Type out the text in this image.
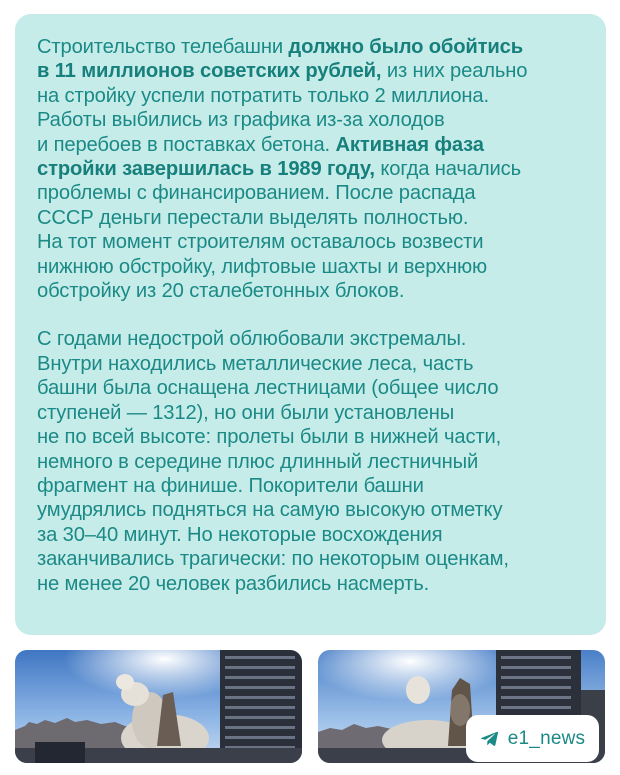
Строительство телебашни должно было обойтись
в 11 миллионов советских рублей, из них реально
на стройку успели потратить только 2 миллиона.
Работы выбились из графика из-за холодов
и перебоев в поставках бетона. Активная фаза
стройки завершилась в 1989 году, когда начались
проблемы с финансированием. После распада
СССР деньги перестали выделять полностью.
На тот момент строителям оставалось возвести
нижнюю обстройку, лифтовые шахты и верхнюю
обстройку из 20 сталебетонных блоков.
С годами недострой облюбовали экстремалы.
Внутри находились металлические леса, часть
башни была оснащена лестницами (общее число
ступеней — 1312), но они были установлены
не по всей высоте: пролеты были в нижней части,
немного в середине плюс длинный лестничный
фрагмент на финише. Покорители башни
умудрялись подняться на самую высокую отметку
за 30–40 минут. Но некоторые восхождения
заканчивались трагически: по некоторым оценкам,
не менее 20 человек разбились насмерть.
e1_news
